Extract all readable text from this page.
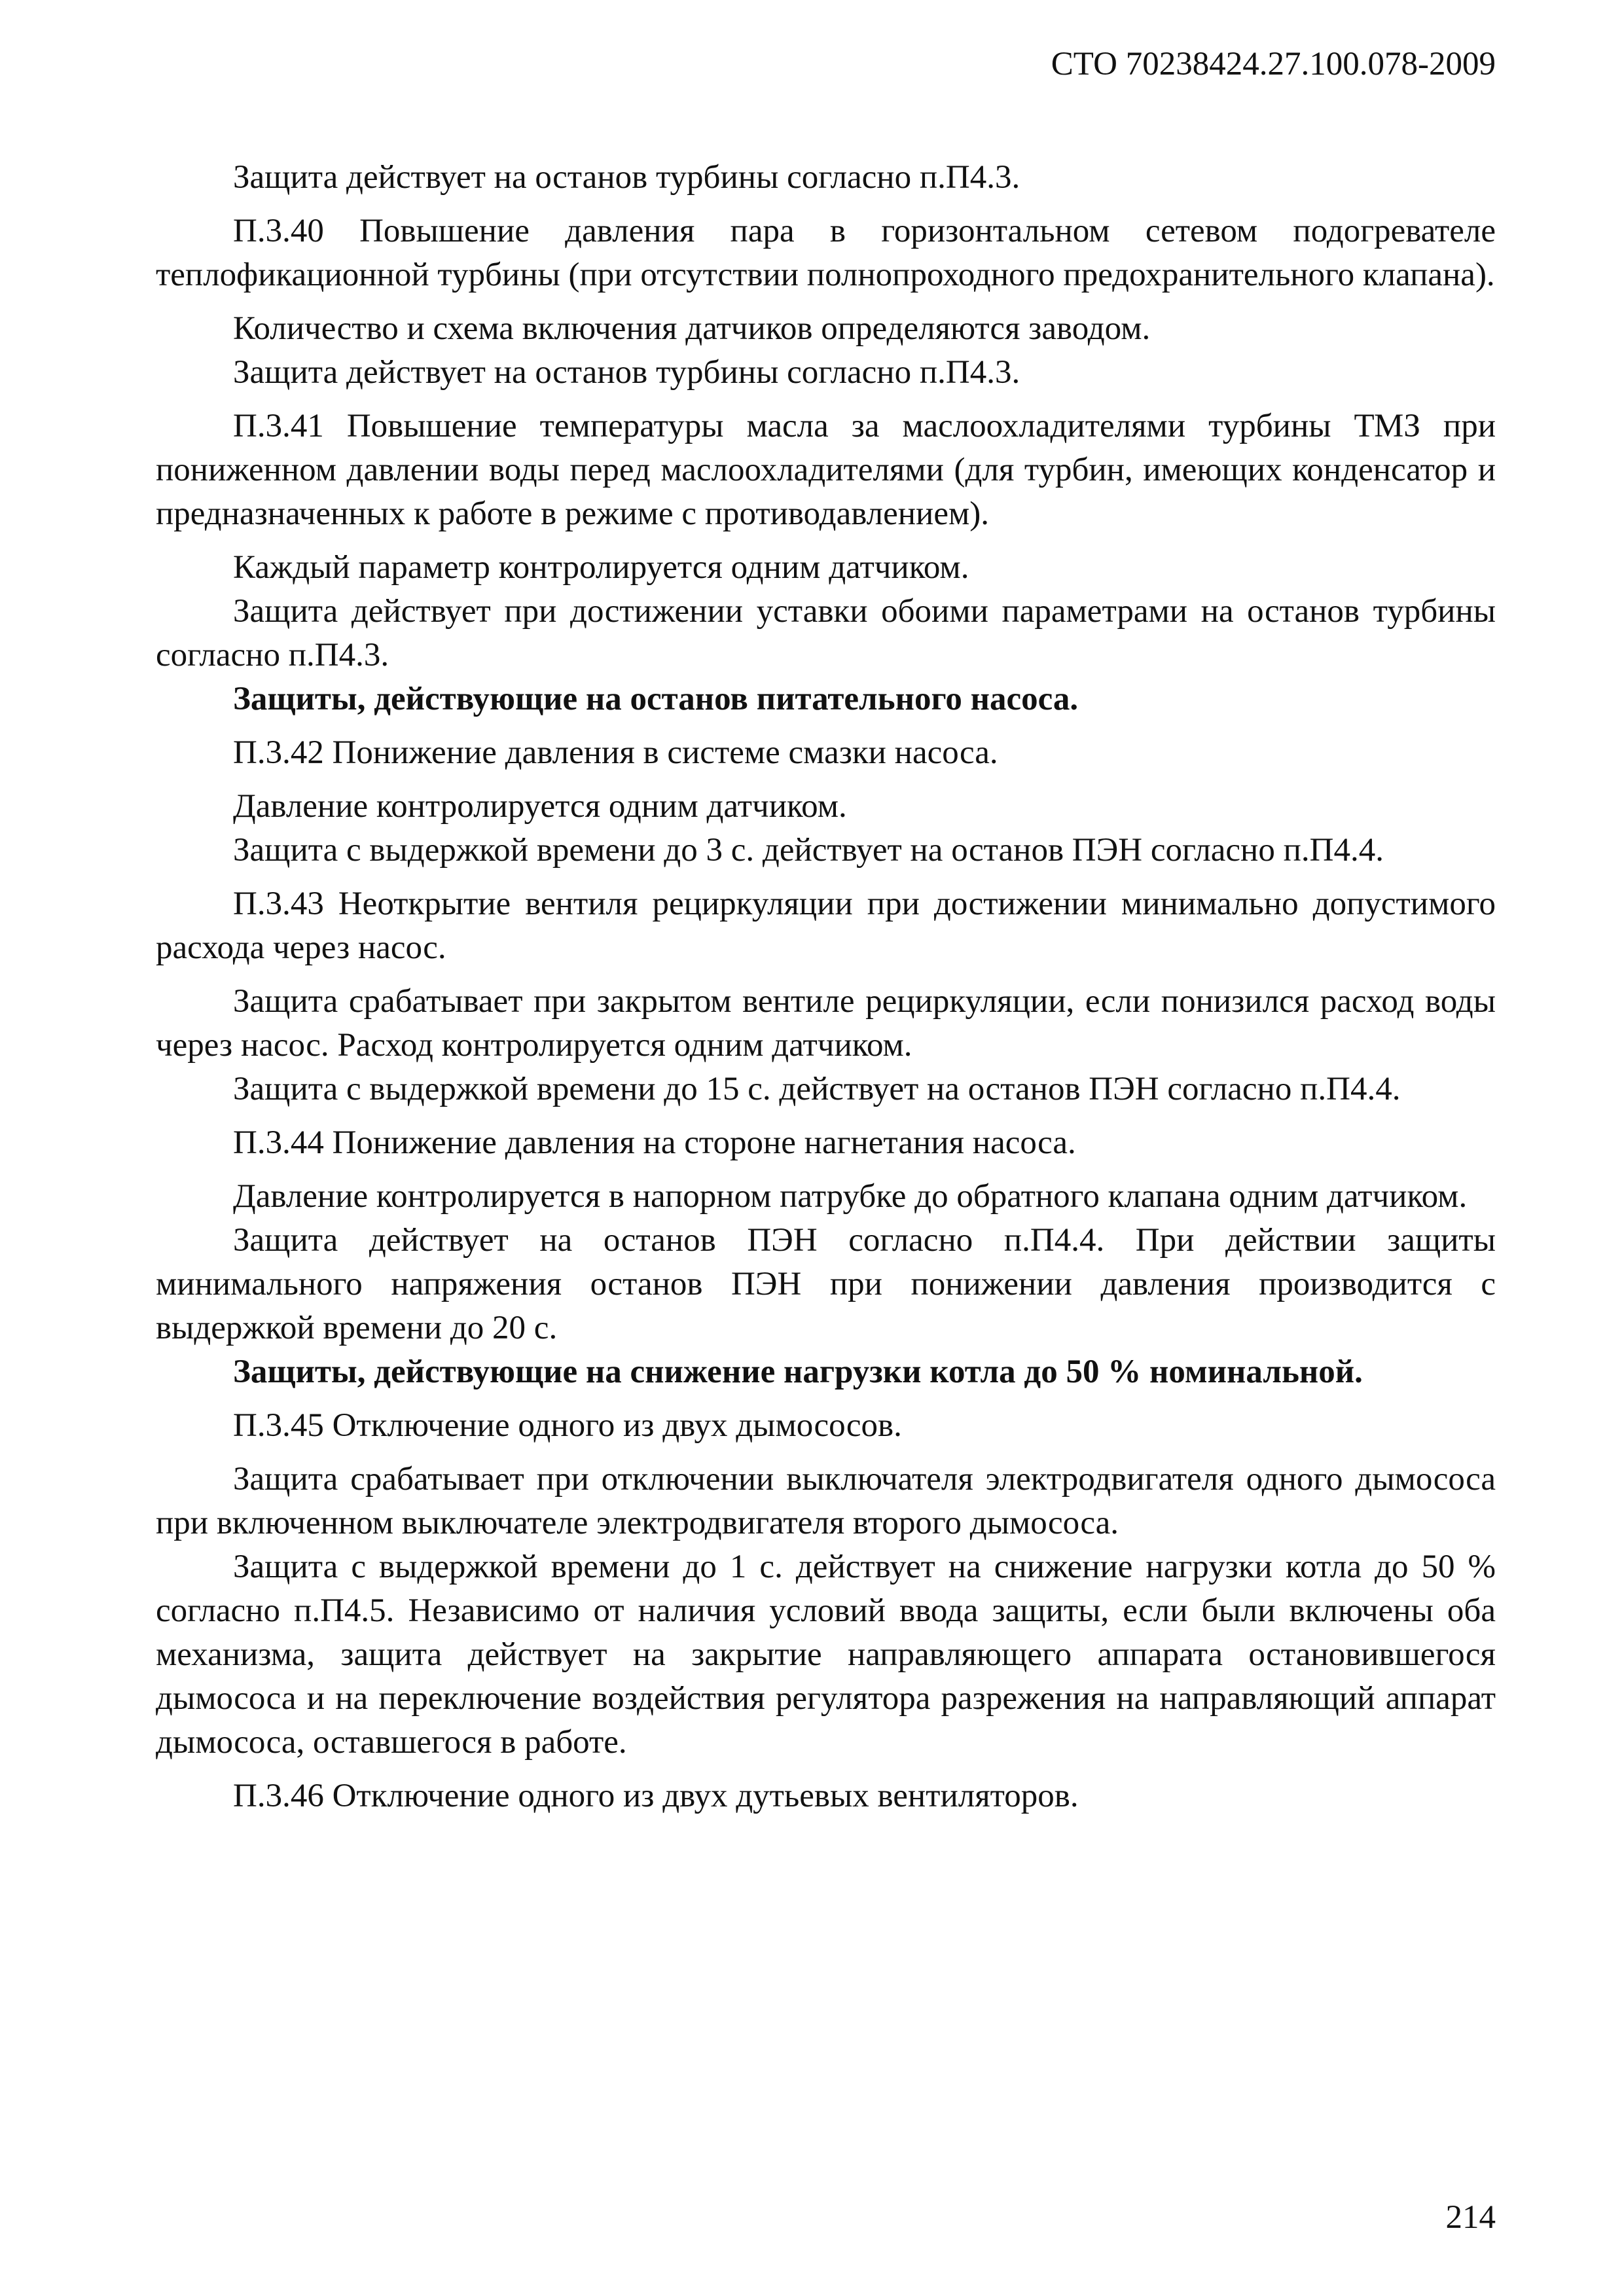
СТО 70238424.27.100.078-2009

Защита действует на останов турбины согласно п.П4.3.

П.3.40 Повышение давления пара в горизонтальном сетевом подогревателе теплофикационной турбины (при отсутствии полнопроходного предохранительного клапана).

Количество и схема включения датчиков определяются заводом.

Защита действует на останов турбины согласно п.П4.3.

П.3.41 Повышение температуры масла за маслоохладителями турбины ТМЗ при пониженном давлении воды перед маслоохладителями (для турбин, имеющих конденсатор и предназначенных к работе в режиме с противодавлением).

Каждый параметр контролируется одним датчиком.

Защита действует при достижении уставки обоими параметрами на останов турбины согласно п.П4.3.

Защиты, действующие на останов питательного насоса.

П.3.42 Понижение давления в системе смазки насоса.

Давление контролируется одним датчиком.

Защита с выдержкой времени до 3 с. действует на останов ПЭН согласно п.П4.4.

П.3.43 Неоткрытие вентиля рециркуляции при достижении минимально допустимого расхода через насос.

Защита срабатывает при закрытом вентиле рециркуляции, если понизился расход воды через насос. Расход контролируется одним датчиком.

Защита с выдержкой времени до 15 с. действует на останов ПЭН согласно п.П4.4.

П.3.44 Понижение давления на стороне нагнетания насоса.

Давление контролируется в напорном патрубке до обратного клапана одним датчиком.

Защита действует на останов ПЭН согласно п.П4.4. При действии защиты минимального напряжения останов ПЭН при понижении давления производится с выдержкой времени до 20 с.

Защиты, действующие на снижение нагрузки котла до 50 % номинальной.

П.3.45 Отключение одного из двух дымососов.

Защита срабатывает при отключении выключателя электродвигателя одного дымососа при включенном выключателе электродвигателя второго дымососа.

Защита с выдержкой времени до 1 с. действует на снижение нагрузки котла до 50 % согласно п.П4.5. Независимо от наличия условий ввода защиты, если были включены оба механизма, защита действует на закрытие направляющего аппарата остановившегося дымососа и на переключение воздействия регулятора разрежения на направляющий аппарат дымососа, оставшегося в работе.

П.3.46 Отключение одного из двух дутьевых вентиляторов.

214
